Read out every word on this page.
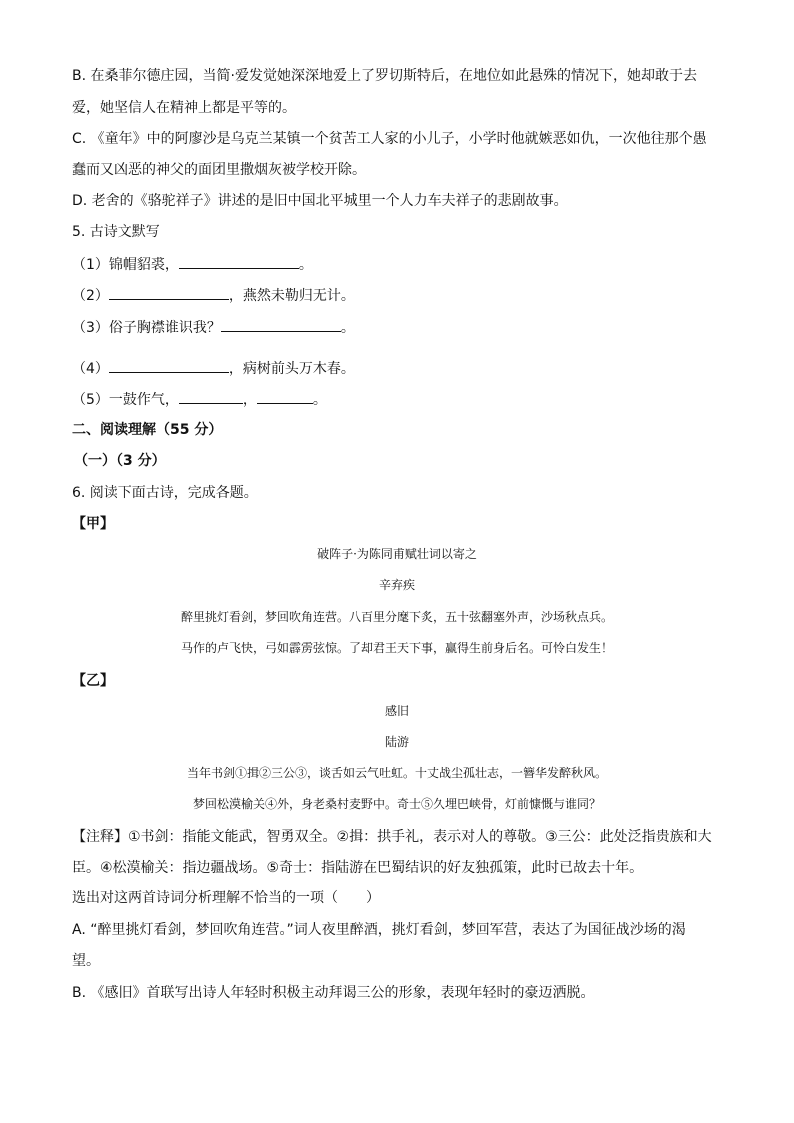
B. 在桑菲尔德庄园，当简·爱发觉她深深地爱上了罗切斯特后，在地位如此悬殊的情况下，她却敢于去
爱，她坚信人在精神上都是平等的。
C. 《童年》中的阿廖沙是乌克兰某镇一个贫苦工人家的小儿子，小学时他就嫉恶如仇，一次他往那个愚
蠢而又凶恶的神父的面团里撒烟灰被学校开除。
D. 老舍的《骆驼祥子》讲述的是旧中国北平城里一个人力车夫祥子的悲剧故事。
5. 古诗文默写
（1）锦帽貂裘，	。
（2）	，燕然未勒归无计。
（3）俗子胸襟谁识我？	。
（4）	，病树前头万木春。
（5）一鼓作气，	，	。
二、阅读理解（55 分）
（一）（3 分）
6. 阅读下面古诗，完成各题。
【甲】
破阵子·为陈同甫赋壮词以寄之
辛弃疾
醉里挑灯看剑，梦回吹角连营。八百里分麾下炙，五十弦翻塞外声，沙场秋点兵。
马作的卢飞快，弓如霹雳弦惊。了却君王天下事，赢得生前身后名。可怜白发生！
【乙】
感旧
陆游
当年书剑①揖②三公③，谈舌如云气吐虹。十丈战尘孤壮志，一簪华发醉秋风。
梦回松漠榆关④外，身老桑村麦野中。奇士⑤久埋巴峡骨，灯前慷慨与谁同？
【注释】①书剑：指能文能武，智勇双全。②揖：拱手礼，表示对人的尊敬。③三公：此处泛指贵族和大
臣。④松漠榆关：指边疆战场。⑤奇士：指陆游在巴蜀结识的好友独孤策，此时已故去十年。
选出对这两首诗词分析理解不恰当的一项（　　）
A. “醉里挑灯看剑，梦回吹角连营。”词人夜里醉酒，挑灯看剑，梦回军营，表达了为国征战沙场的渴
望。
B. 《感旧》首联写出诗人年轻时积极主动拜谒三公的形象，表现年轻时的豪迈洒脱。
